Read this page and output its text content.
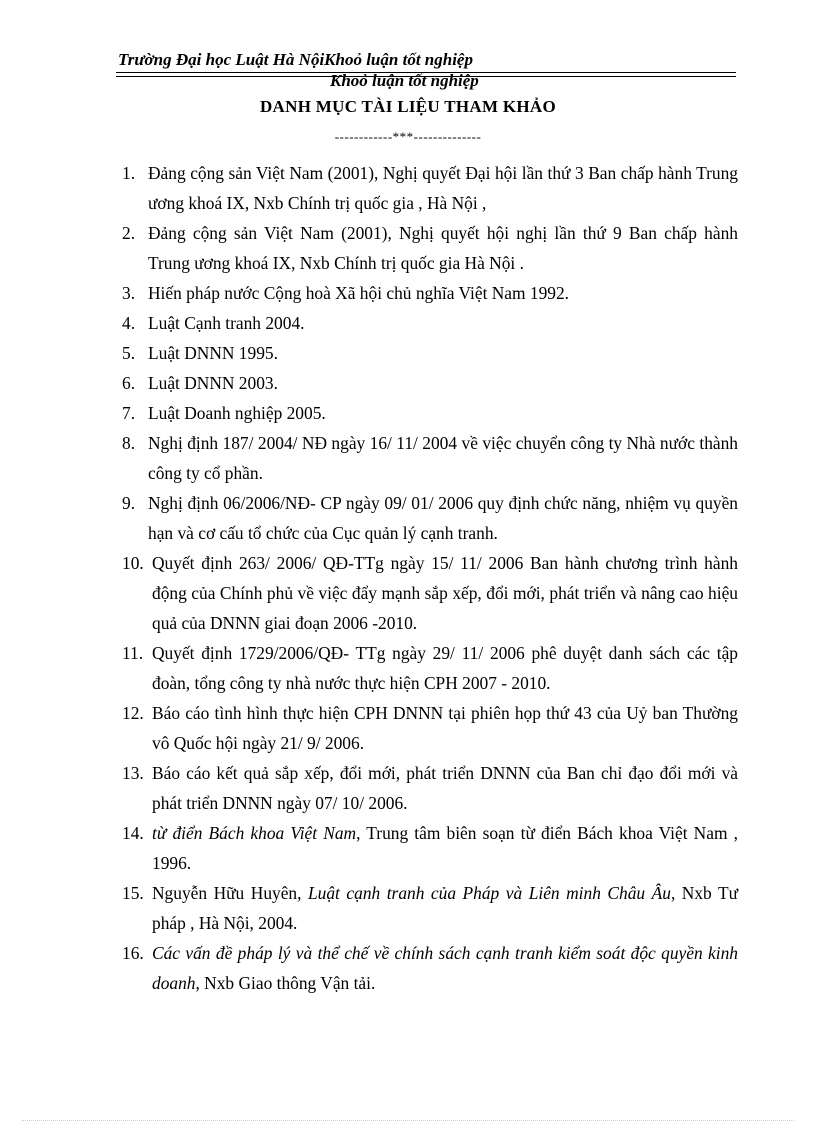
Trường Đại học Luật Hà NộiKhoỏ luận tốt nghiệp
Khoỏ luận tốt nghiệp
DANH MỤC TÀI LIỆU THAM KHẢO
------------***--------------
1. Đảng cộng sản Việt Nam (2001), Nghị quyết Đại hội lần thứ 3 Ban chấp hành Trung ương khoá IX, Nxb Chính trị quốc gia , Hà Nội ,
2. Đảng cộng sản Việt Nam (2001), Nghị quyết hội nghị lần thứ 9 Ban chấp hành Trung ương khoá IX, Nxb Chính trị quốc gia Hà Nội .
3. Hiến pháp nước Cộng hoà Xã hội chủ nghĩa Việt Nam 1992.
4. Luật Cạnh tranh 2004.
5. Luật DNNN 1995.
6. Luật DNNN 2003.
7. Luật Doanh nghiệp 2005.
8. Nghị định 187/ 2004/ NĐ ngày 16/ 11/ 2004 về việc chuyển công ty Nhà nước thành công ty cổ phần.
9. Nghị định 06/2006/NĐ- CP ngày 09/ 01/ 2006 quy định chức năng, nhiệm vụ quyền hạn và cơ cấu tổ chức của Cục quản lý cạnh tranh.
10. Quyết định 263/ 2006/ QĐ-TTg ngày 15/ 11/ 2006 Ban hành chương trình hành động của Chính phủ về việc đẩy mạnh sắp xếp, đổi mới, phát triển và nâng cao hiệu quả của DNNN giai đoạn 2006 -2010.
11. Quyết định 1729/2006/QĐ- TTg ngày 29/ 11/ 2006 phê duyệt danh sách các tập đoàn, tổng công ty nhà nước thực hiện CPH 2007 - 2010.
12. Báo cáo tình hình thực hiện CPH DNNN tại phiên họp thứ 43 của Uỷ ban Thường vô Quốc hội ngày 21/ 9/ 2006.
13. Báo cáo kết quả sắp xếp, đổi mới, phát triển DNNN của Ban chỉ đạo đổi mới và phát triển DNNN ngày 07/ 10/ 2006.
14. từ điển Bách khoa Việt Nam, Trung tâm biên soạn từ điển Bách khoa Việt Nam , 1996.
15. Nguyễn Hữu Huyên, Luật cạnh tranh của Pháp và Liên minh Châu Âu, Nxb Tư pháp , Hà Nội, 2004.
16. Các vấn đề pháp lý và thể chế về chính sách cạnh tranh kiểm soát độc quyền kinh doanh, Nxb Giao thông Vận tải.
